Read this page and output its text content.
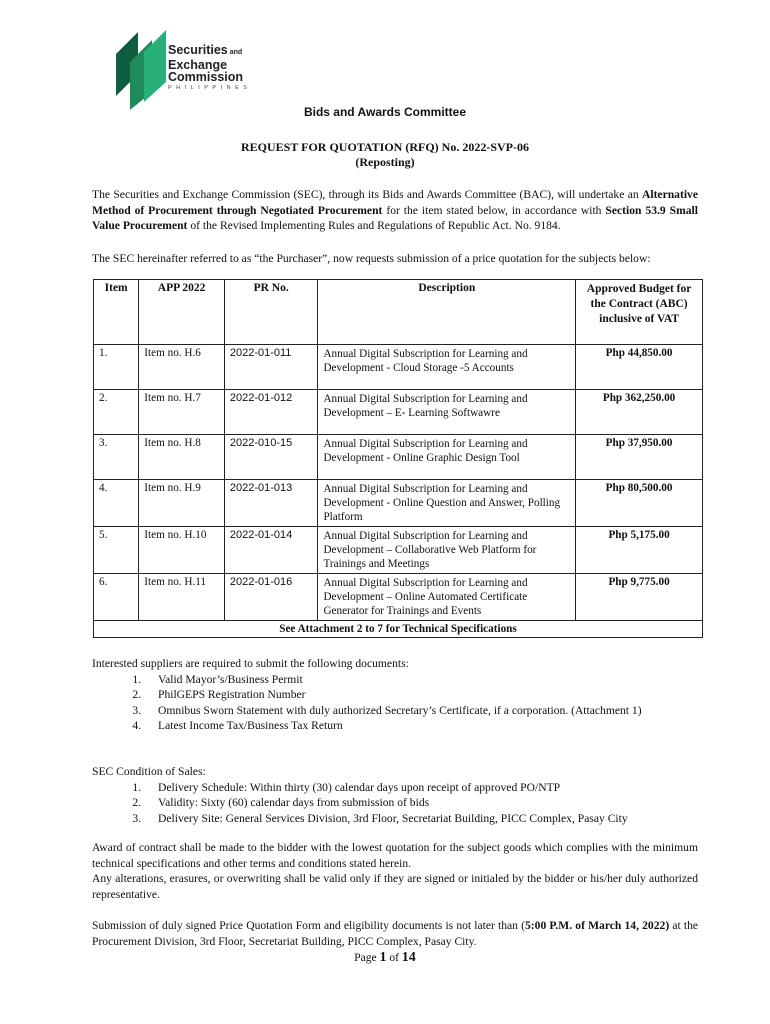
Securities and
Exchange
Commission
PHILIPPINES
Bids and Awards Committee
REQUEST FOR QUOTATION (RFQ) No. 2022-SVP-06
(Reposting)
The Securities and Exchange Commission (SEC), through its Bids and Awards Committee (BAC), will undertake an Alternative Method of Procurement through Negotiated Procurement for the item stated below, in accordance with Section 53.9 Small Value Procurement of the Revised Implementing Rules and Regulations of Republic Act. No. 9184.
The SEC hereinafter referred to as “the Purchaser”, now requests submission of a price quotation for the subjects below:
Item	APP 2022	PR No.	Description	Approved Budget for the Contract (ABC) inclusive of VAT
1.	Item no. H.6	2022-01-011	Annual Digital Subscription for Learning and Development - Cloud Storage -5 Accounts	Php 44,850.00
2.	Item no. H.7	2022-01-012	Annual Digital Subscription for Learning and Development – E- Learning Softwawre	Php 362,250.00
3.	Item no. H.8	2022-010-15	Annual Digital Subscription for Learning and Development - Online Graphic Design Tool	Php 37,950.00
4.	Item no. H.9	2022-01-013	Annual Digital Subscription for Learning and Development - Online Question and Answer, Polling Platform	Php 80,500.00
5.	Item no. H.10	2022-01-014	Annual Digital Subscription for Learning and Development – Collaborative Web Platform for Trainings and Meetings	Php 5,175.00
6.	Item no. H.11	2022-01-016	Annual Digital Subscription for Learning and Development – Online Automated Certificate Generator for Trainings and Events	Php 9,775.00
See Attachment 2 to 7 for Technical Specifications				
Interested suppliers are required to submit the following documents:
1. Valid Mayor’s/Business Permit
2. PhilGEPS Registration Number
3. Omnibus Sworn Statement with duly authorized Secretary’s Certificate, if a corporation. (Attachment 1)
4. Latest Income Tax/Business Tax Return
SEC Condition of Sales:
1. Delivery Schedule: Within thirty (30) calendar days upon receipt of approved PO/NTP
2. Validity: Sixty (60) calendar days from submission of bids
3. Delivery Site: General Services Division, 3rd Floor, Secretariat Building, PICC Complex, Pasay City
Award of contract shall be made to the bidder with the lowest quotation for the subject goods which complies with the minimum technical specifications and other terms and conditions stated herein.
Any alterations, erasures, or overwriting shall be valid only if they are signed or initialed by the bidder or his/her duly authorized representative.
Submission of duly signed Price Quotation Form and eligibility documents is not later than (5:00 P.M. of March 14, 2022) at the Procurement Division, 3rd Floor, Secretariat Building, PICC Complex, Pasay City.
Page 1 of 14
